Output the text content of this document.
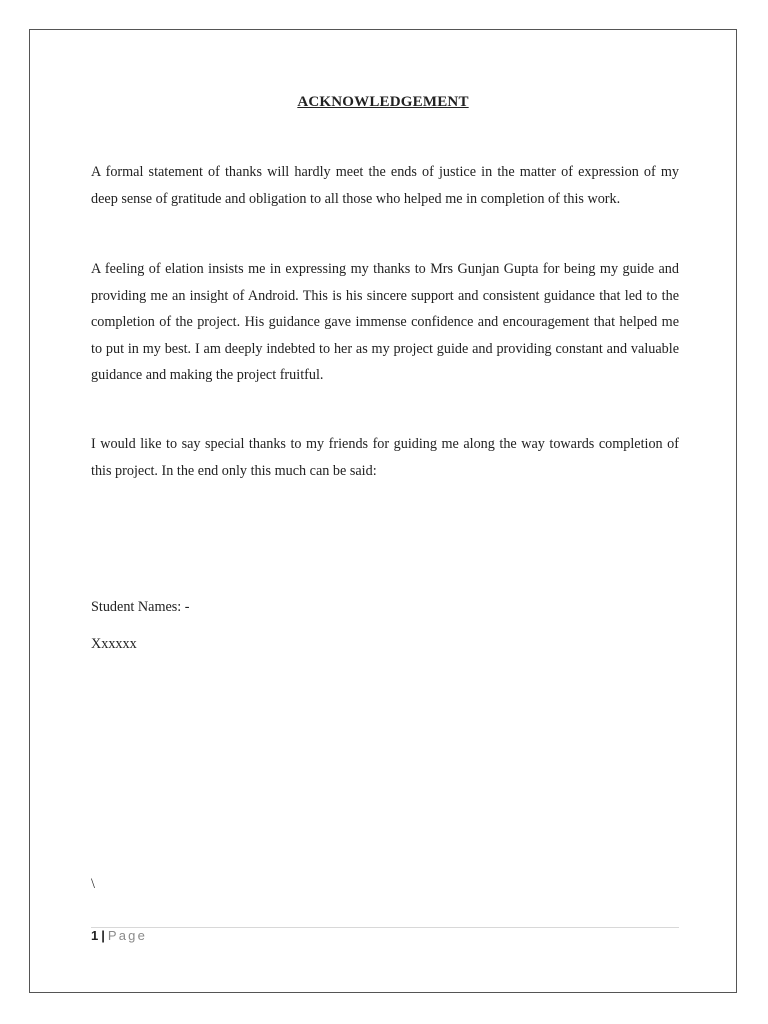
ACKNOWLEDGEMENT

A formal statement of thanks will hardly meet the ends of justice in the matter of expression of my deep sense of gratitude and obligation to all those who helped me in completion of this work.

A feeling of elation insists me in expressing my thanks to Mrs Gunjan Gupta for being my guide and providing me an insight of Android. This is his sincere support and consistent guidance that led to the completion of the project. His guidance gave immense confidence and encouragement that helped me to put in my best. I am deeply indebted to her as my project guide and providing constant and valuable guidance and making the project fruitful.

I would like to say special thanks to my friends for guiding me along the way towards completion of this project. In the end only this much can be said:

Student Names: -
Xxxxxx
\
1 | Page
